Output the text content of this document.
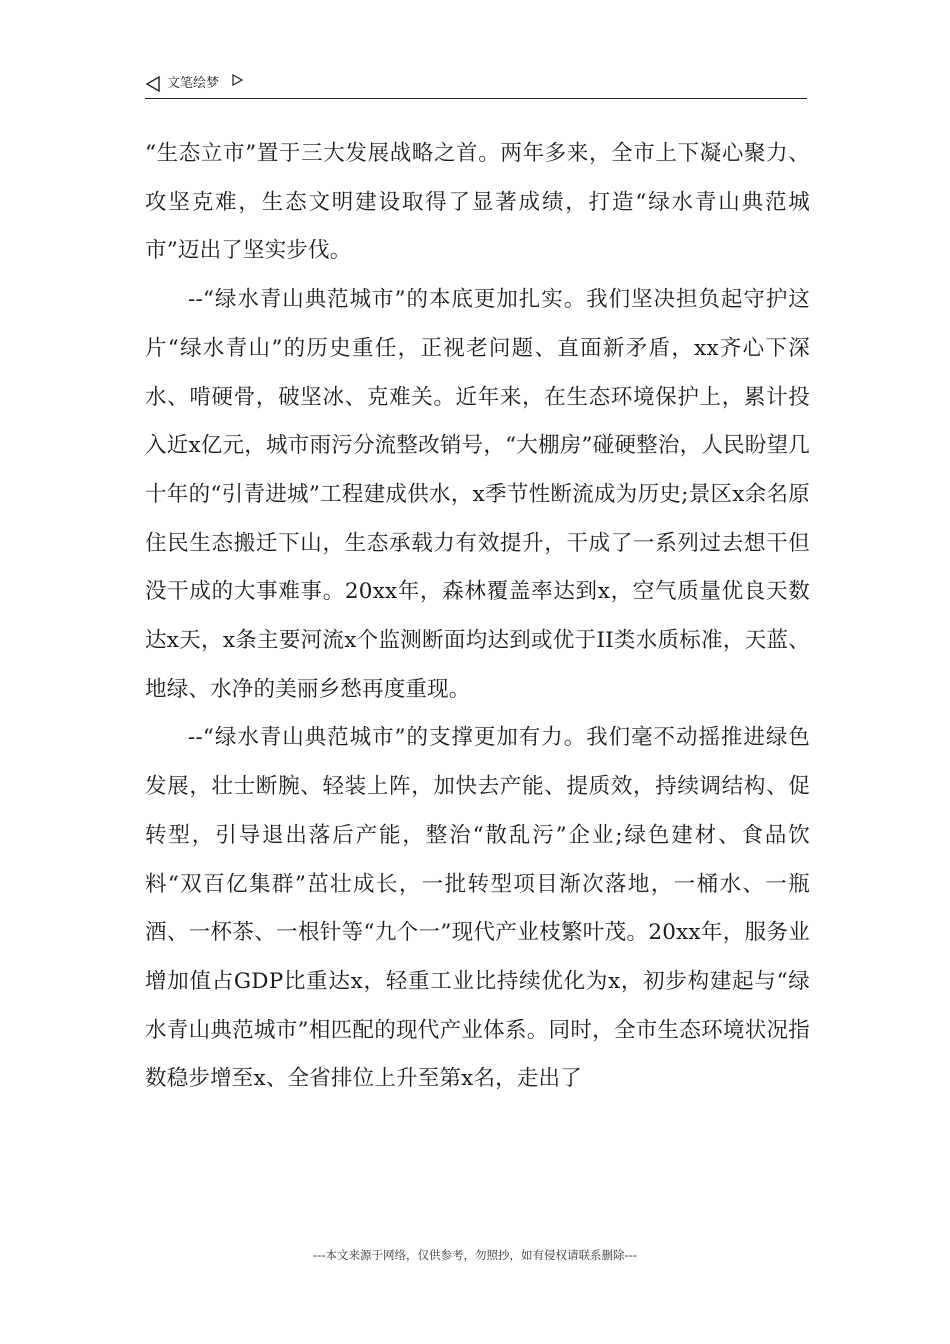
文笔绘梦

“生态立市”置于三大发展战略之首。两年多来，全市上下凝心聚力、攻坚克难，生态文明建设取得了显著成绩，打造“绿水青山典范城市”迈出了坚实步伐。

--“绿水青山典范城市”的本底更加扎实。我们坚决担负起守护这片“绿水青山”的历史重任，正视老问题、直面新矛盾，xx齐心下深水、啃硬骨，破坚冰、克难关。近年来，在生态环境保护上，累计投入近x亿元，城市雨污分流整改销号，“大棚房”碰硬整治，人民盼望几十年的“引青进城”工程建成供水，x季节性断流成为历史;景区x余名原住民生态搬迁下山，生态承载力有效提升，干成了一系列过去想干但没干成的大事难事。20xx年，森林覆盖率达到x，空气质量优良天数达x天，x条主要河流x个监测断面均达到或优于II类水质标准，天蓝、地绿、水净的美丽乡愁再度重现。

--“绿水青山典范城市”的支撑更加有力。我们毫不动摇推进绿色发展，壮士断腕、轻装上阵，加快去产能、提质效，持续调结构、促转型，引导退出落后产能，整治“散乱污”企业;绿色建材、食品饮料“双百亿集群”茁壮成长，一批转型项目渐次落地，一桶水、一瓶酒、一杯茶、一根针等“九个一”现代产业枝繁叶茂。20xx年，服务业增加值占GDP比重达x，轻重工业比持续优化为x，初步构建起与“绿水青山典范城市”相匹配的现代产业体系。同时，全市生态环境状况指数稳步增至x、全省排位上升至第x名，走出了

---本文来源于网络，仅供参考，勿照抄，如有侵权请联系删除---
